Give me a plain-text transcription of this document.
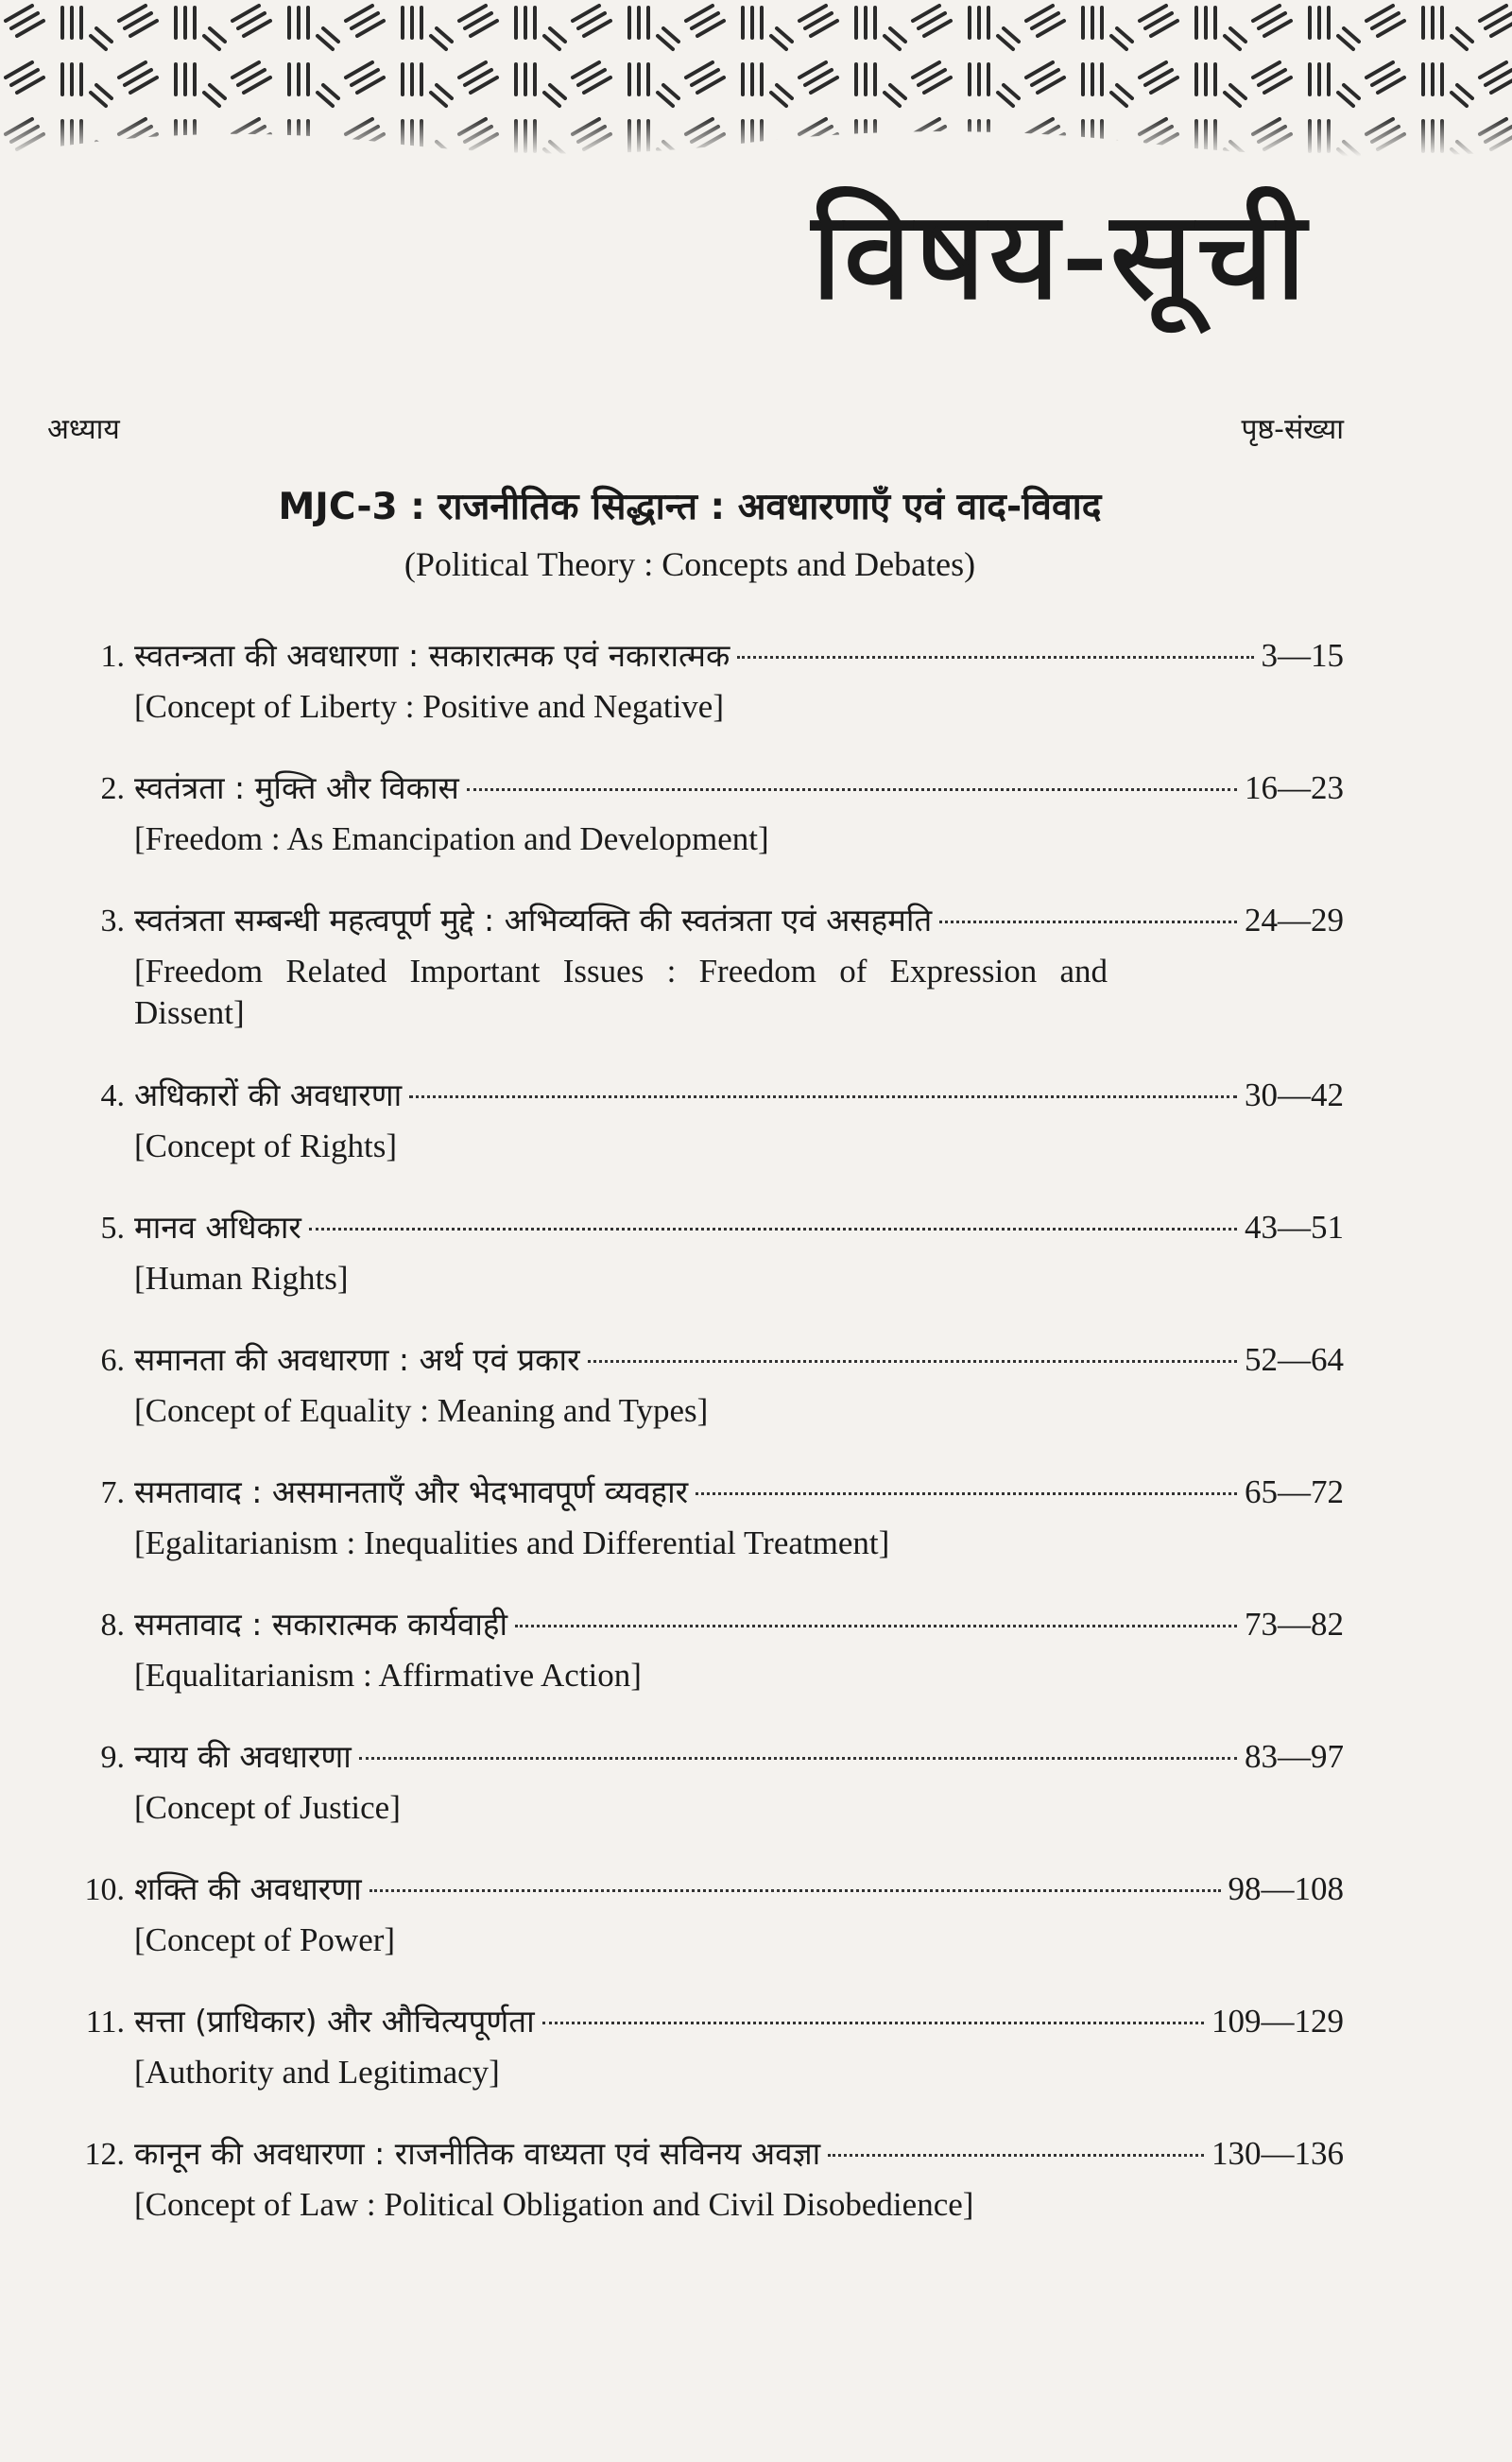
विषय-सूची
अध्याय	पृष्ठ-संख्या
MJC-3 : राजनीतिक सिद्धान्त : अवधारणाएँ एवं वाद-विवाद
(Political Theory : Concepts and Debates)
1. स्वतन्त्रता की अवधारणा : सकारात्मक एवं नकारात्मक	3—15
[Concept of Liberty : Positive and Negative]
2. स्वतंत्रता : मुक्ति और विकास	16—23
[Freedom : As Emancipation and Development]
3. स्वतंत्रता सम्बन्धी महत्वपूर्ण मुद्दे : अभिव्यक्ति की स्वतंत्रता एवं असहमति	24—29
[Freedom Related Important Issues : Freedom of Expression and Dissent]
4. अधिकारों की अवधारणा	30—42
[Concept of Rights]
5. मानव अधिकार	43—51
[Human Rights]
6. समानता की अवधारणा : अर्थ एवं प्रकार	52—64
[Concept of Equality : Meaning and Types]
7. समतावाद : असमानताएँ और भेदभावपूर्ण व्यवहार	65—72
[Egalitarianism : Inequalities and Differential Treatment]
8. समतावाद : सकारात्मक कार्यवाही	73—82
[Equalitarianism : Affirmative Action]
9. न्याय की अवधारणा	83—97
[Concept of Justice]
10. शक्ति की अवधारणा	98—108
[Concept of Power]
11. सत्ता (प्राधिकार) और औचित्यपूर्णता	109—129
[Authority and Legitimacy]
12. कानून की अवधारणा : राजनीतिक वाध्यता एवं सविनय अवज्ञा	130—136
[Concept of Law : Political Obligation and Civil Disobedience]
